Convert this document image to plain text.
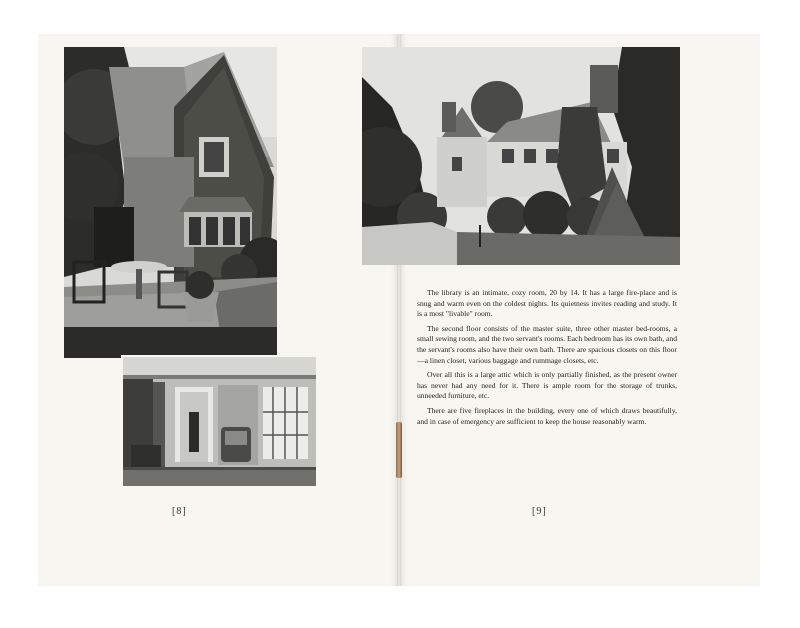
[8]	[9]

The library is an intimate, cozy room, 20 by 14. It has a large fire-place and is snug and warm even on the coldest nights. Its quietness invites reading and study. It is a most "livable" room.

The second floor consists of the master suite, three other master bed-rooms, a small sewing room, and the two servant's rooms. Each bedroom has its own bath, and the servant's rooms also have their own bath. There are spacious closets on this floor—a linen closet, various baggage and rummage closets, etc.

Over all this is a large attic which is only partially finished, as the present owner has never had any need for it. There is ample room for the storage of trunks, unneeded furniture, etc.

There are five fireplaces in the building, every one of which draws beautifully, and in case of emergency are sufficient to keep the house reasonably warm.
